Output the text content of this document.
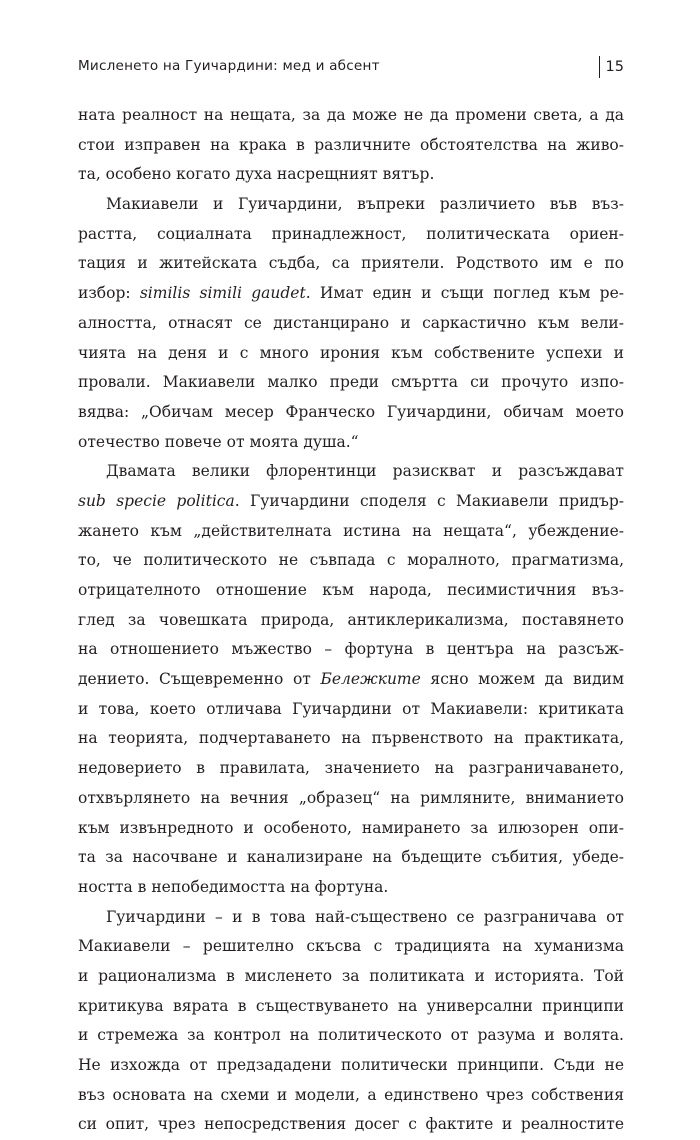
Мисленето на Гуичардини: мед и абсент	15
ната реалност на нещата, за да може не да промени света, а да
стои изправен на крака в различните обстоятелства на живо-
та, особено когато духа насрещният вятър.
Макиавели и Гуичардини, въпреки различието във въз-
растта, социалната принадлежност, политическата ориен-
тация и житейската съдба, са приятели. Родството им е по
избор: similis simili gaudet. Имат един и същи поглед към ре-
алността, отнасят се дистанцирано и саркастично към вели-
чията на деня и с много ирония към собствените успехи и
провали. Макиавели малко преди смъртта си прочуто изпо-
вядва: „Обичам месер Франческо Гуичардини, обичам моето
отечество повече от моята душа.“
Двамата велики флорентинци разискват и разсъждават
sub specie politica. Гуичардини споделя с Макиавели придър-
жането към „действителната истина на нещата“, убеждение-
то, че политическото не съвпада с моралното, прагматизма,
отрицателното отношение към народа, песимистичния въз-
глед за човешката природа, антиклерикализма, поставянето
на отношението мъжество – фортуна в центъра на разсъж-
дението. Същевременно от Бележките ясно можем да видим
и това, което отличава Гуичардини от Макиавели: критиката
на теорията, подчертаването на първенството на практиката,
недоверието в правилата, значението на разграничаването,
отхвърлянето на вечния „образец“ на римляните, вниманието
към извънредното и особеното, намирането за илюзорен опи-
та за насочване и канализиране на бъдещите събития, убеде-
ността в непобедимостта на фортуна.
Гуичардини – и в това най-съществено се разграничава от
Макиавели – решително скъсва с традицията на хуманизма
и рационализма в мисленето за политиката и историята. Той
критикува вярата в съществуването на универсални принципи
и стремежа за контрол на политическото от разума и волята.
Не изхожда от предзададени политически принципи. Съди не
въз основата на схеми и модели, а единствено чрез собствения
си опит, чрез непосредствения досег с фактите и реалностите
